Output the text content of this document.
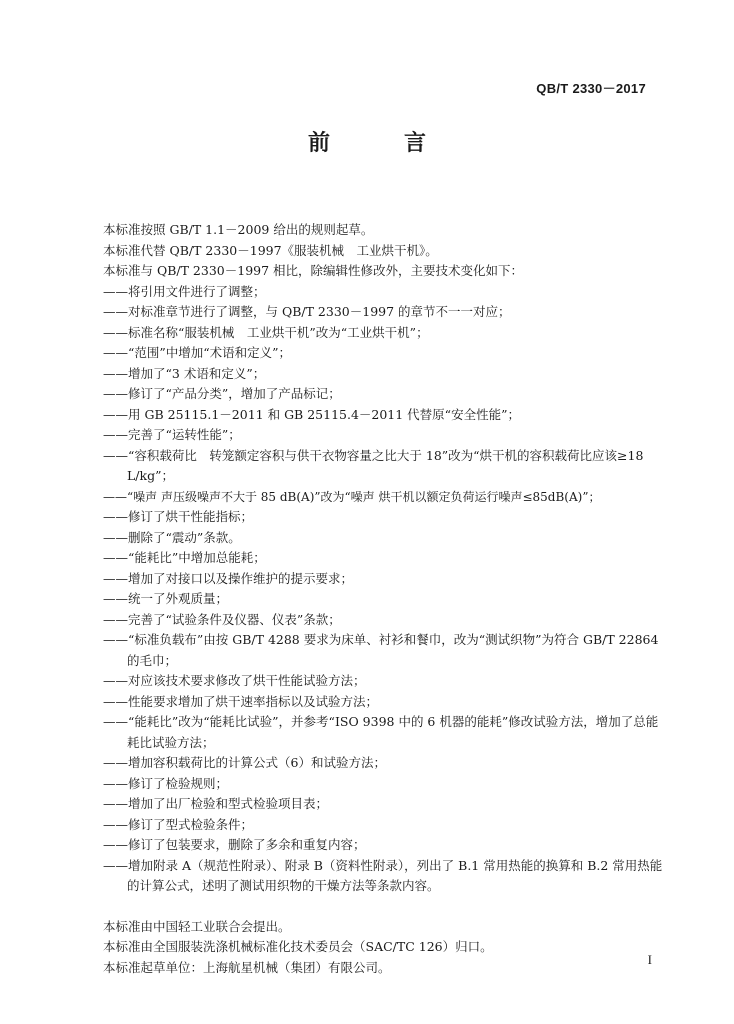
QB/T 2330－2017
前　言

本标准按照 GB/T 1.1－2009 给出的规则起草。

本标准代替 QB/T 2330－1997《服装机械　工业烘干机》。

本标准与 QB/T 2330－1997 相比，除编辑性修改外，主要技术变化如下：

——将引用文件进行了调整；

——对标准章节进行了调整，与 QB/T 2330－1997 的章节不一一对应；

——标准名称“服装机械　工业烘干机”改为“工业烘干机”；

——“范围”中增加“术语和定义”；

——增加了“3 术语和定义”；

——修订了“产品分类”，增加了产品标记；

——用 GB 25115.1－2011 和 GB 25115.4－2011 代替原“安全性能”；

——完善了“运转性能”；

——“容积载荷比　转笼额定容积与供干衣物容量之比大于 18”改为“烘干机的容积载荷比应该≥18 L/kg”；

——“噪声 声压级噪声不大于 85 dB(A)”改为“噪声 烘干机以额定负荷运行噪声≤85dB(A)”；

——修订了烘干性能指标；

——删除了“震动”条款。

——“能耗比”中增加总能耗；

——增加了对接口以及操作维护的提示要求；

——统一了外观质量；

——完善了“试验条件及仪器、仪表”条款；

——“标准负载布”由按 GB/T 4288 要求为床单、衬衫和餐巾，改为“测试织物”为符合 GB/T 22864 的毛巾；

——对应该技术要求修改了烘干性能试验方法；

——性能要求增加了烘干速率指标以及试验方法；

——“能耗比”改为“能耗比试验”，并参考“ISO 9398 中的 6 机器的能耗”修改试验方法，增加了总能耗比试验方法；

——增加容积载荷比的计算公式（6）和试验方法；

——修订了检验规则；

——增加了出厂检验和型式检验项目表；

——修订了型式检验条件；

——修订了包装要求，删除了多余和重复内容；

——增加附录 A（规范性附录）、附录 B（资料性附录），列出了 B.1 常用热能的换算和 B.2 常用热能的计算公式，述明了测试用织物的干燥方法等条款内容。

本标准由中国轻工业联合会提出。

本标准由全国服装洗涤机械标准化技术委员会（SAC/TC 126）归口。

本标准起草单位：上海航星机械（集团）有限公司。	I
